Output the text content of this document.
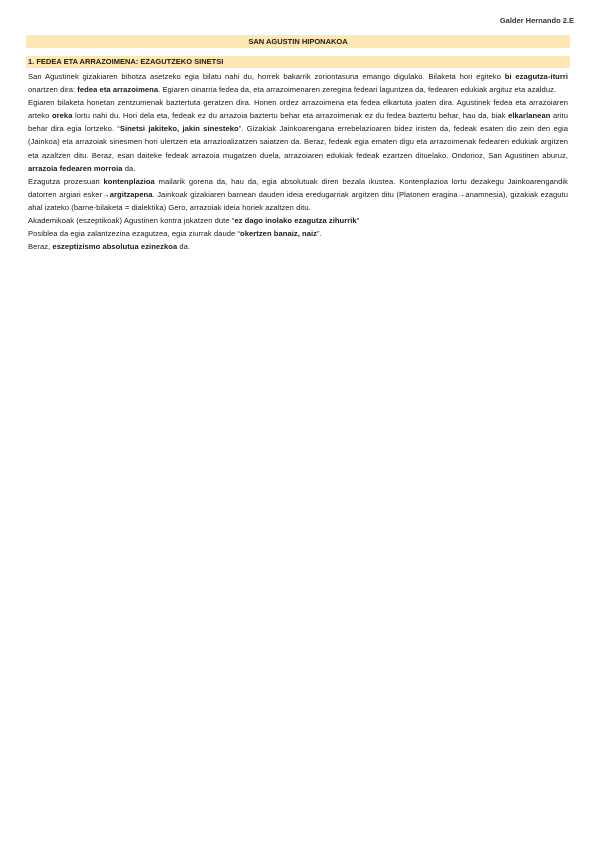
Galder Hernando 2.E
SAN AGUSTIN HIPONAKOA
1. FEDEA ETA ARRAZOIMENA: EZAGUTZEKO SINETSI

San Agustinek gizakiaren bihotza asetzeko egia bilatu nahi du, horrek bakarrik zoriontasuna emango digulako. Bilaketa hori egiteko bi ezagutza-iturri onartzen dira: fedea eta arrazoimena. Egiaren oinarria fedea da, eta arrazoimenaren zeregina fedeari laguntzea da, fedearen edukiak argituz eta azalduz.

Egiaren bilaketa honetan zentzumenak baztertuta geratzen dira. Honen ordez arrazoimena eta fedea elkartuta joaten dira. Agustinek fedea eta arrazoiaren arteko oreka lortu nahi du. Hori dela eta, fedeak ez du arrazoia baztertu behar eta arrazoimenak ez du fedea baztertu behar, hau da, biak elkarlanean aritu behar dira egia lortzeko. “Sinetsi jakiteko, jakin sinesteko”. Gizakiak Jainkoarengana errebelazioaren bidez iristen da, fedeak esaten dio zein den egia (Jainkoa) eta arrazoiak sinesmen hori ulertzen eta arrazioalizatzen saiatzen da. Beraz, fedeak egia ematen digu eta arrazoimenak fedearen edukiak argitzen eta azaltzen ditu. Beraz, esan daiteke fedeak arrazoia mugatzen duela, arrazoiaren edukiak fedeak ezartzen dituelako. Ondorioz, San Agustinen aburuz, arrazoia fedearen morroia da.

Ezagutza prozesuan kontenplazioa mailarik gorena da, hau da, egia absolutuak diren bezala ikustea. Kontenplazioa lortu dezakegu Jainkoarengandik datorren argiari esker→argitzapena. Jainkoak gizakiaren barnean dauden ideia eredugarriak argitzen ditu (Platonen eragina→anamnesia), gizakiak ezagutu ahal izateko (barne-bilaketa = dialektika) Gero, arrazoiak ideia horiek azaltzen ditu.

Akademikoak (eszeptikoak) Agustinen kontra jokatzen dute “ez dago inolako ezagutza zihurrik”

Posiblea da egia zalantzezina ezagutzea, egia ziurrak daude “okertzen banaiz, naiz”.

Beraz, eszeptizismo absolutua ezinezkoa da.
